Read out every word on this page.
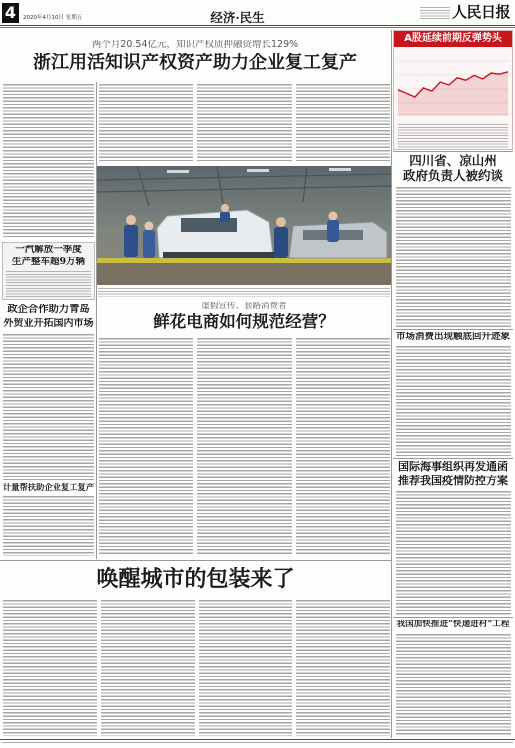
4	2020年4月10日 星期五	经济·民生	人民日报
两个月20.54亿元，知识产权质押融资增长129%
浙江用活知识产权资产助力企业复工复产
虚假宣传、套路消费者
鲜花电商如何规范经营？
一汽解放一季度
生产整车超9万辆
政企合作助力青岛
外贸业开拓国内市场
计量帮扶助企业复工复产
唤醒城市的包装来了
A股延续前期反弹势头
四川省、凉山州
政府负责人被约谈
市场消费出现触底回升迹象
国际海事组织再发通函
推荐我国疫情防控方案
我国加快推进“快递进村”工程
